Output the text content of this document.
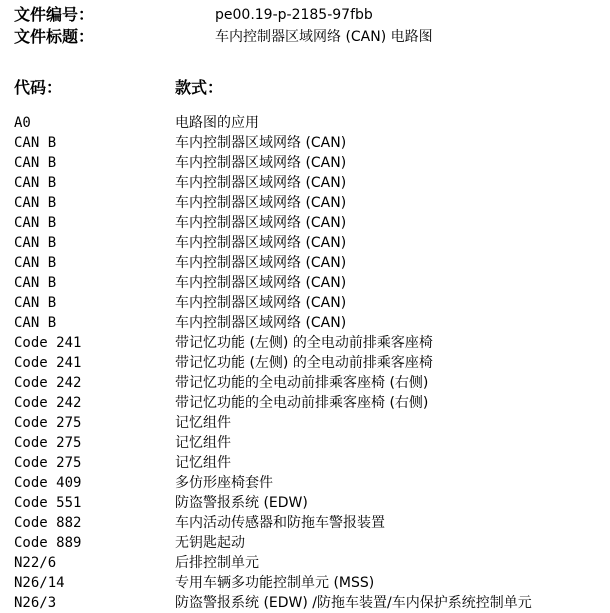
文件编号：	pe00.19-p-2185-97fbb
文件标题：	车内控制器区域网络 (CAN) 电路图
代码：	款式：
A0	电路图的应用
CAN B	车内控制器区域网络 (CAN)
CAN B	车内控制器区域网络 (CAN)
CAN B	车内控制器区域网络 (CAN)
CAN B	车内控制器区域网络 (CAN)
CAN B	车内控制器区域网络 (CAN)
CAN B	车内控制器区域网络 (CAN)
CAN B	车内控制器区域网络 (CAN)
CAN B	车内控制器区域网络 (CAN)
CAN B	车内控制器区域网络 (CAN)
CAN B	车内控制器区域网络 (CAN)
Code 241	带记忆功能 (左侧) 的全电动前排乘客座椅
Code 241	带记忆功能 (左侧) 的全电动前排乘客座椅
Code 242	带记忆功能的全电动前排乘客座椅 (右侧)
Code 242	带记忆功能的全电动前排乘客座椅 (右侧)
Code 275	记忆组件
Code 275	记忆组件
Code 275	记忆组件
Code 409	多仿形座椅套件
Code 551	防盗警报系统 (EDW)
Code 882	车内活动传感器和防拖车警报装置
Code 889	无钥匙起动
N22/6	后排控制单元
N26/14	专用车辆多功能控制单元 (MSS)
N26/3	防盗警报系统 (EDW) /防拖车装置/车内保护系统控制单元
